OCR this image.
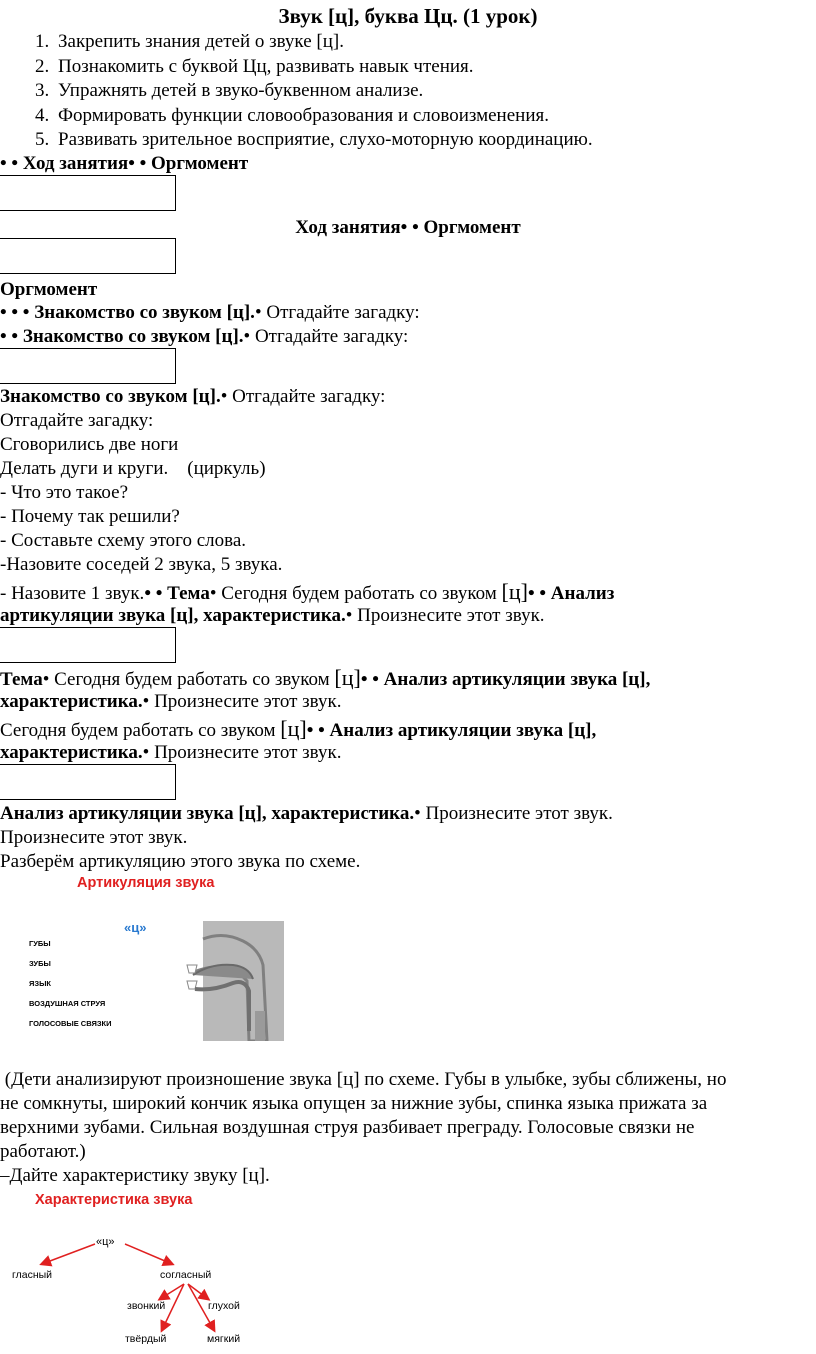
Звук [ц], буква Цц. (1 урок)
1. Закрепить знания детей о звуке [ц].
2. Познакомить с буквой Цц, развивать навык чтения.
3. Упражнять детей в звуко-буквенном анализе.
4. Формировать функции словообразования и словоизменения.
5. Развивать зрительное восприятие, слухо-моторную координацию.
• • Ход занятия• • Оргмомент
Ход занятия• • Оргмомент
Оргмомент
• • • Знакомство со звуком [ц].• Отгадайте загадку:
• • Знакомство со звуком [ц].• Отгадайте загадку:
Знакомство со звуком [ц].• Отгадайте загадку:
Отгадайте загадку:
Сговорились две ноги
Делать дуги и круги.    (циркуль)
- Что это такое?
- Почему так решили?
- Составьте схему этого слова.
-Назовите соседей 2 звука, 5 звука.
- Назовите 1 звук.• • Тема• Сегодня будем работать со звуком [ц]• • Анализ
артикуляции звука [ц], характеристика.• Произнесите этот звук.
Тема• Сегодня будем работать со звуком [ц]• • Анализ артикуляции звука [ц],
характеристика.• Произнесите этот звук.
Сегодня будем работать со звуком [ц]• • Анализ артикуляции звука [ц],
характеристика.• Произнесите этот звук.
Анализ артикуляции звука [ц], характеристика.• Произнесите этот звук.
Произнесите этот звук.
Разберём артикуляцию этого звука по схеме.
Артикуляция звука
«ц»
ГУБЫ
ЗУБЫ
ЯЗЫК
ВОЗДУШНАЯ СТРУЯ
ГОЛОСОВЫЕ СВЯЗКИ
(Дети анализируют произношение звука [ц] по схеме. Губы в улыбке, зубы сближены, но
не сомкнуты, широкий кончик языка опущен за нижние зубы, спинка языка прижата за
верхними зубами. Сильная воздушная струя разбивает преграду. Голосовые связки не
работают.)
–Дайте характеристику звуку [ц].
Характеристика звука
«ц»
гласный	согласный
звонкий	глухой
твёрдый	мягкий
